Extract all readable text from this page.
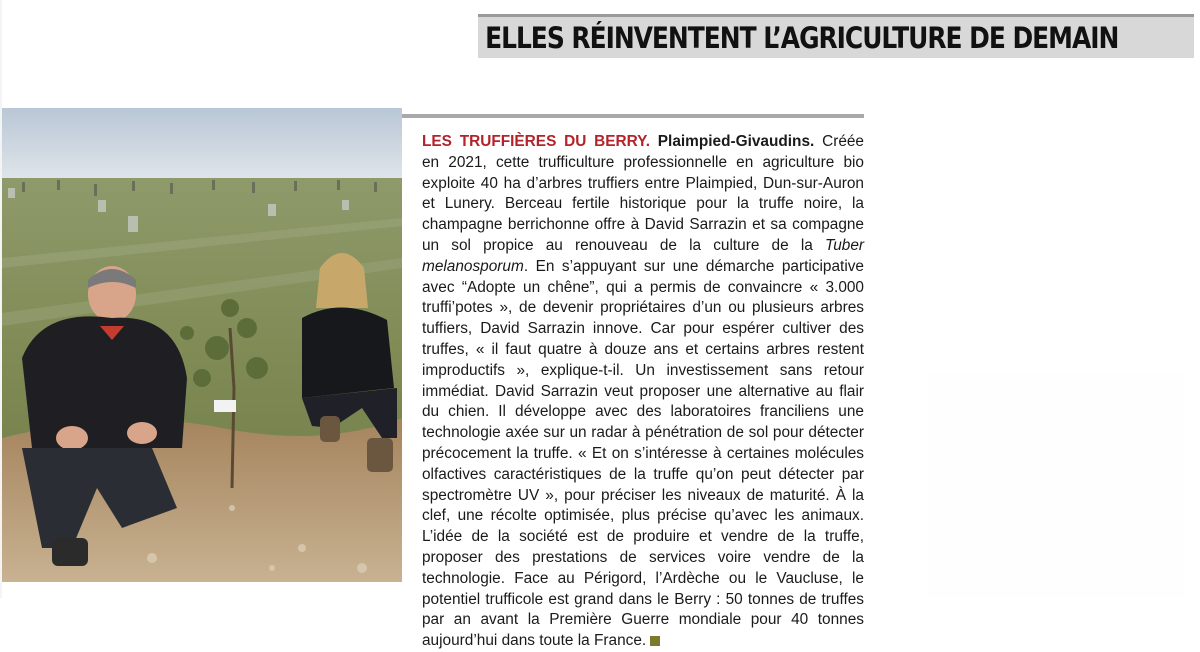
ELLES RÉINVENTENT L’AGRICULTURE DE DEMAIN
LES TRUFFIÈRES DU BERRY. Plaimpied-Givaudins. Créée en 2021, cette trufficulture professionnelle en agriculture bio exploite 40 ha d’arbres truffiers entre Plaimpied, Dun-sur-Auron et Lunery. Berceau fertile historique pour la truffe noire, la champagne berrichonne offre à David Sarrazin et sa compagne un sol propice au renouveau de la culture de la Tuber melanosporum. En s’appuyant sur une démarche participative avec “Adopte un chêne”, qui a permis de convaincre « 3.000 truffi’potes », de devenir propriétaires d’un ou plusieurs arbres tuffiers, David Sarrazin innove. Car pour espérer cultiver des truffes, « il faut quatre à douze ans et certains arbres restent improductifs », explique-t-il. Un investissement sans retour immédiat. David Sarrazin veut proposer une alternative au flair du chien. Il développe avec des laboratoires franciliens une technologie axée sur un radar à pénétration de sol pour détecter précocement la truffe. « Et on s’intéresse à certaines molécules olfactives caractéristiques de la truffe qu’on peut détecter par spectromètre UV », pour préciser les niveaux de maturité. À la clef, une récolte optimisée, plus précise qu’avec les animaux. L’idée de la société est de produire et vendre de la truffe, proposer des prestations de services voire vendre de la technologie. Face au Périgord, l’Ardèche ou le Vaucluse, le potentiel trufficole est grand dans le Berry : 50 tonnes de truffes par an avant la Première Guerre mondiale pour 40 tonnes aujourd’hui dans toute la France.
